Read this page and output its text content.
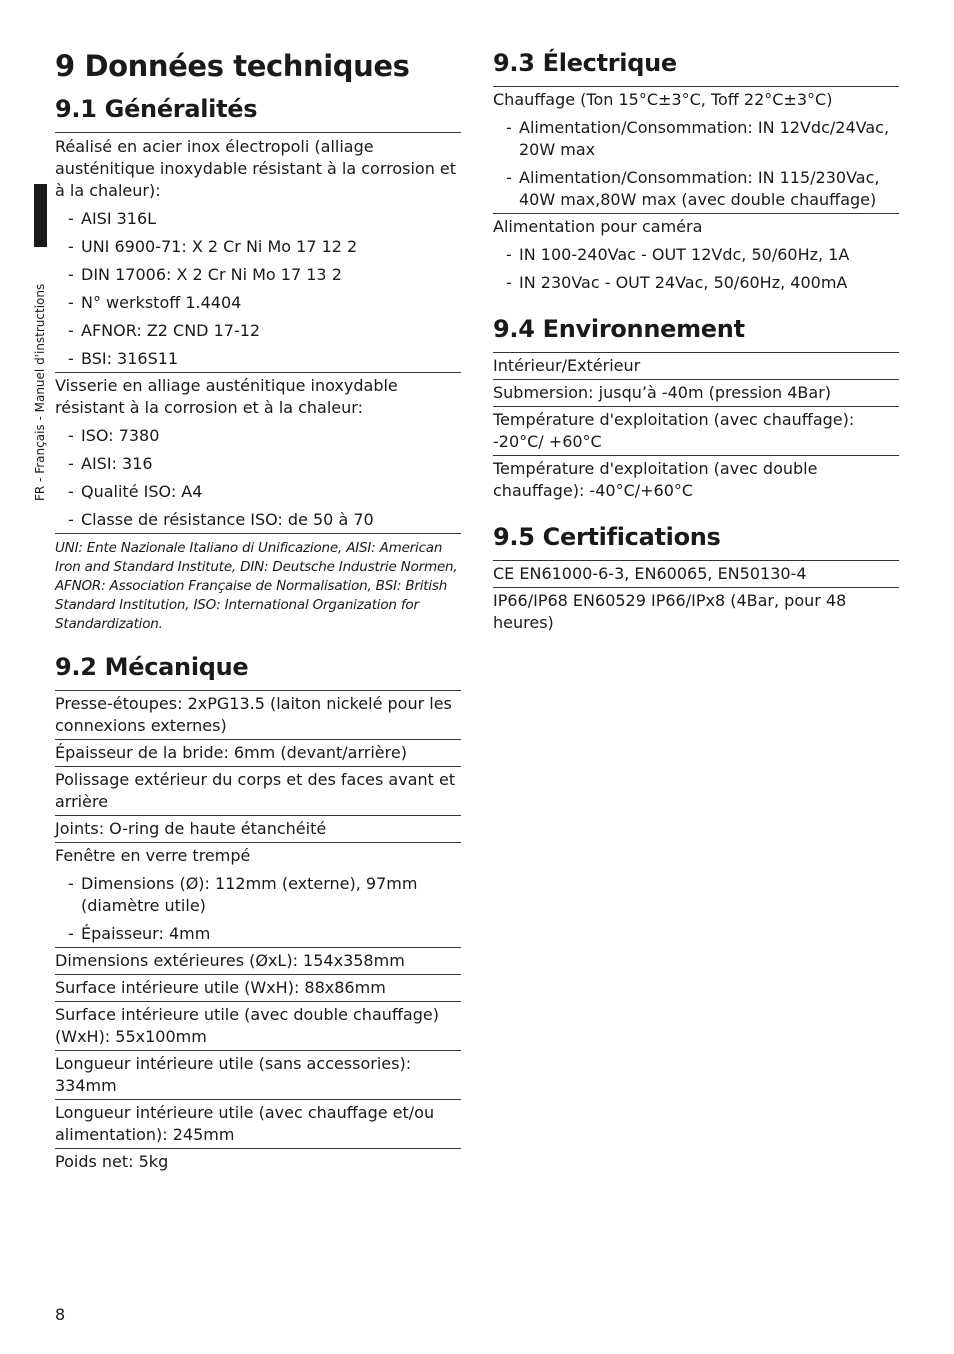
FR - Français - Manuel d'instructions
9 Données techniques
9.1 Généralités
Réalisé en acier inox électropoli (alliage austénitique inoxydable résistant à la corrosion et à la chaleur):
- AISI 316L
- UNI 6900-71: X 2 Cr Ni Mo 17 12 2
- DIN 17006: X 2 Cr Ni Mo 17 13 2
- N° werkstoff 1.4404
- AFNOR: Z2 CND 17-12
- BSI: 316S11
Visserie en alliage austénitique inoxydable résistant à la corrosion et à la chaleur:
- ISO: 7380
- AISI: 316
- Qualité ISO: A4
- Classe de résistance ISO: de 50 à 70
UNI: Ente Nazionale Italiano di Unificazione, AISI: American Iron and Standard Institute, DIN: Deutsche Industrie Normen, AFNOR: Association Française de Normalisation, BSI: British Standard Institution, ISO: International Organization for Standardization.
9.2 Mécanique
Presse-étoupes: 2xPG13.5 (laiton nickelé pour les connexions externes)
Épaisseur de la bride: 6mm (devant/arrière)
Polissage extérieur du corps et des faces avant et arrière
Joints: O-ring de haute étanchéité
Fenêtre en verre trempé
- Dimensions (Ø): 112mm (externe), 97mm (diamètre utile)
- Épaisseur: 4mm
Dimensions extérieures (ØxL): 154x358mm
Surface intérieure utile (WxH): 88x86mm
Surface intérieure utile (avec double chauffage) (WxH): 55x100mm
Longueur intérieure utile (sans accessories): 334mm
Longueur intérieure utile (avec chauffage et/ou alimentation): 245mm
Poids net: 5kg
9.3 Électrique
Chauffage (Ton 15°C±3°C, Toff 22°C±3°C)
- Alimentation/Consommation: IN 12Vdc/24Vac, 20W max
- Alimentation/Consommation: IN 115/230Vac, 40W max,80W max (avec double chauffage)
Alimentation pour caméra
- IN 100-240Vac - OUT 12Vdc, 50/60Hz, 1A
- IN 230Vac - OUT 24Vac, 50/60Hz, 400mA
9.4 Environnement
Intérieur/Extérieur
Submersion: jusqu’à -40m (pression 4Bar)
Température d'exploitation (avec chauffage): -20°C/ +60°C
Température d'exploitation (avec double chauffage): -40°C/+60°C
9.5 Certifications
CE EN61000-6-3, EN60065, EN50130-4
IP66/IP68 EN60529 IP66/IPx8 (4Bar, pour 48 heures)
8
